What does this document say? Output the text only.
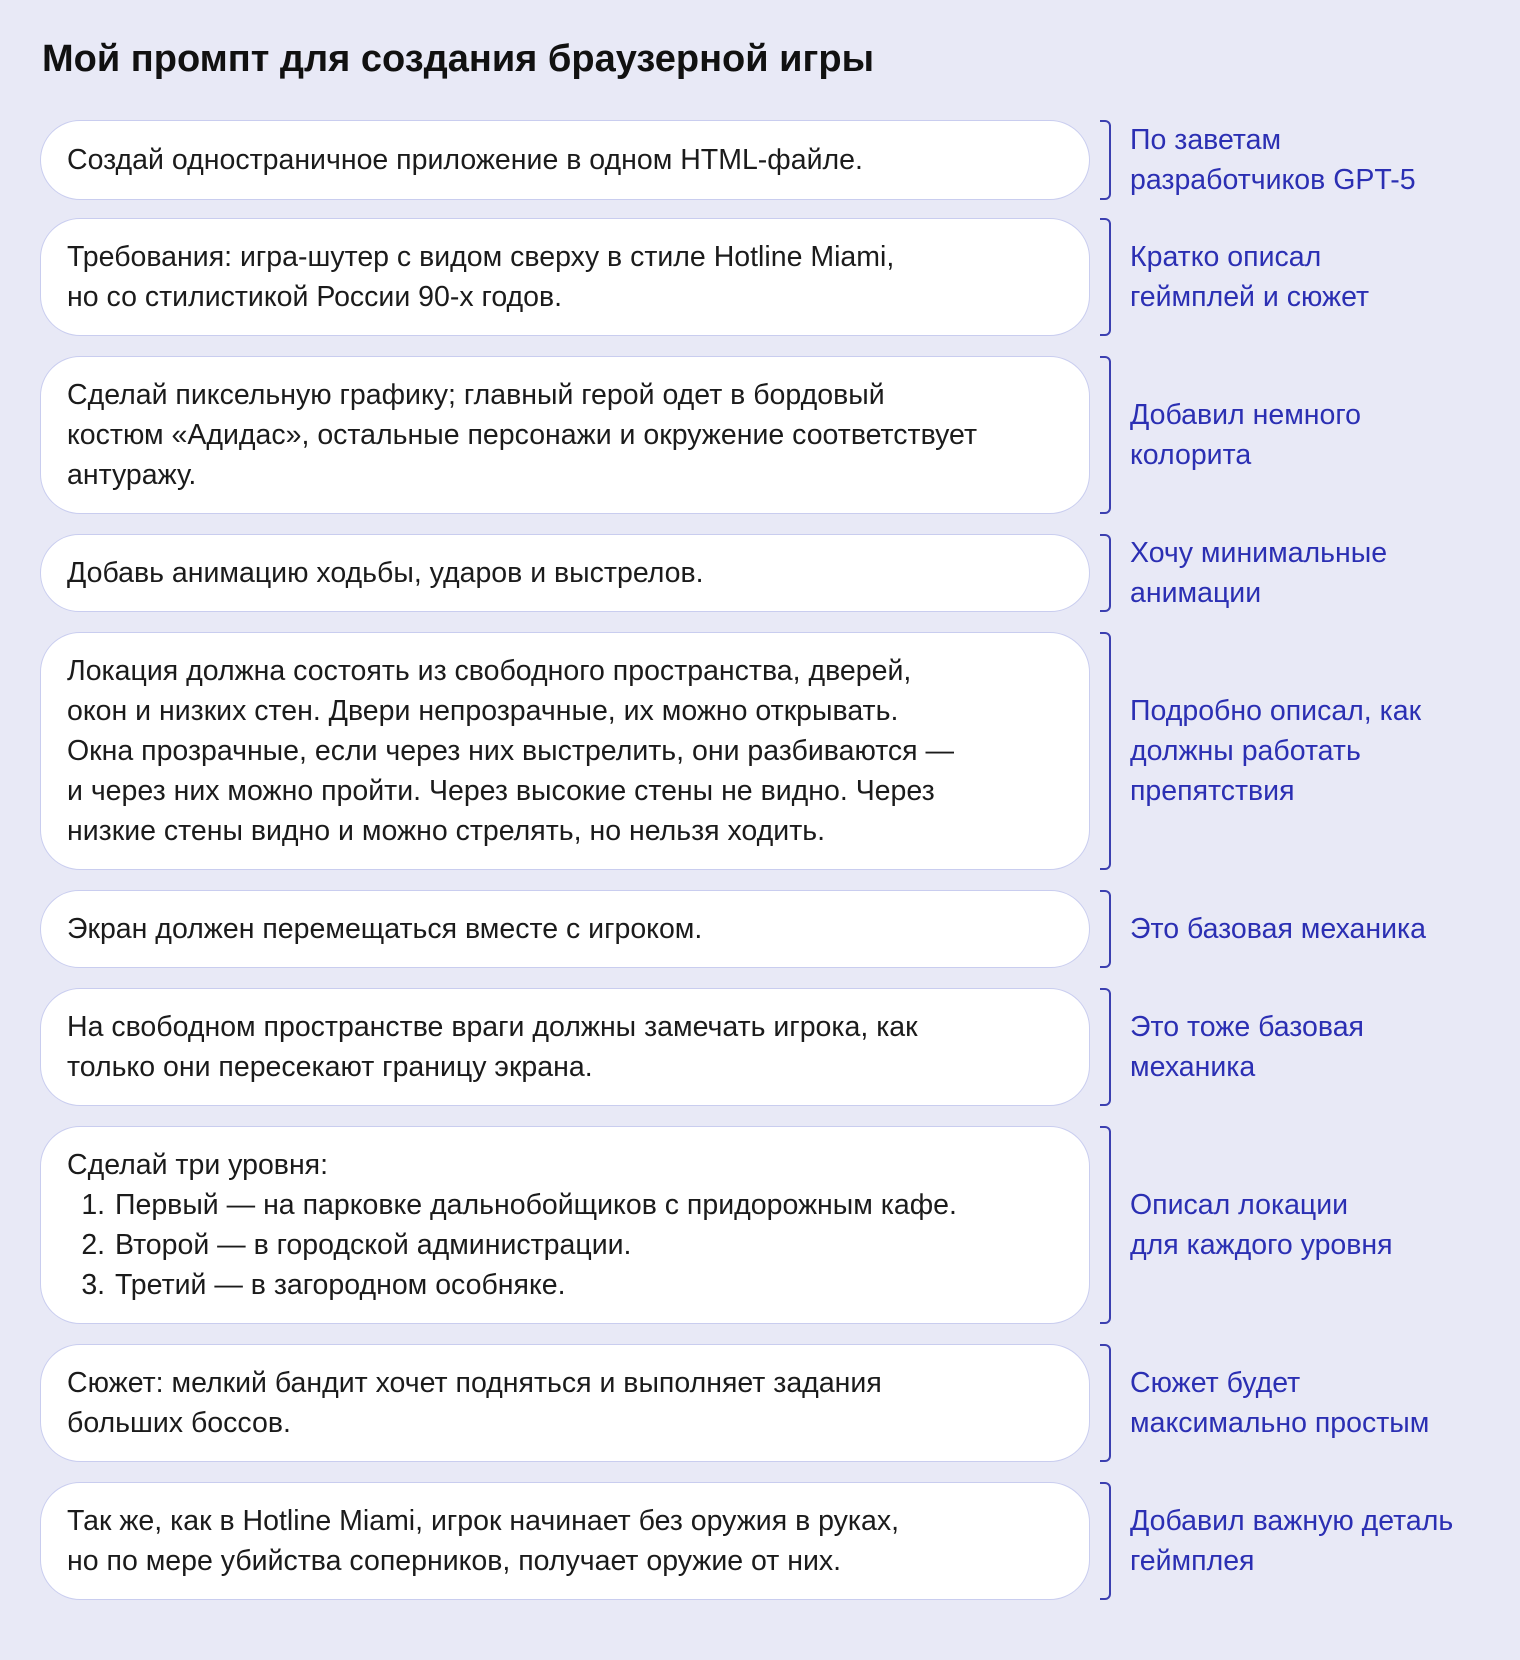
Мой промпт для создания браузерной игры
Создай одностраничное приложение в одном HTML-файле.
По заветам
разработчиков GPT-5
Требования: игра-шутер с видом сверху в стиле Hotline Miami,
но со стилистикой России 90-х годов.
Кратко описал
геймплей и сюжет
Сделай пиксельную графику; главный герой одет в бордовый
костюм «Адидас», остальные персонажи и окружение соответствует
антуражу.
Добавил немного
колорита
Добавь анимацию ходьбы, ударов и выстрелов.
Хочу минимальные
анимации
Локация должна состоять из свободного пространства, дверей,
окон и низких стен. Двери непрозрачные, их можно открывать.
Окна прозрачные, если через них выстрелить, они разбиваются —
и через них можно пройти. Через высокие стены не видно. Через
низкие стены видно и можно стрелять, но нельзя ходить.
Подробно описал, как
должны работать
препятствия
Экран должен перемещаться вместе с игроком.	Это базовая механика
На свободном пространстве враги должны замечать игрока, как
только они пересекают границу экрана.
Это тоже базовая
механика
Сделай три уровня:
1. Первый — на парковке дальнобойщиков с придорожным кафе.
2. Второй — в городской администрации.
3. Третий — в загородном особняке.
Описал локации
для каждого уровня
Сюжет: мелкий бандит хочет подняться и выполняет задания
больших боссов.
Сюжет будет
максимально простым
Так же, как в Hotline Miami, игрок начинает без оружия в руках,
но по мере убийства соперников, получает оружие от них.
Добавил важную деталь
геймплея
